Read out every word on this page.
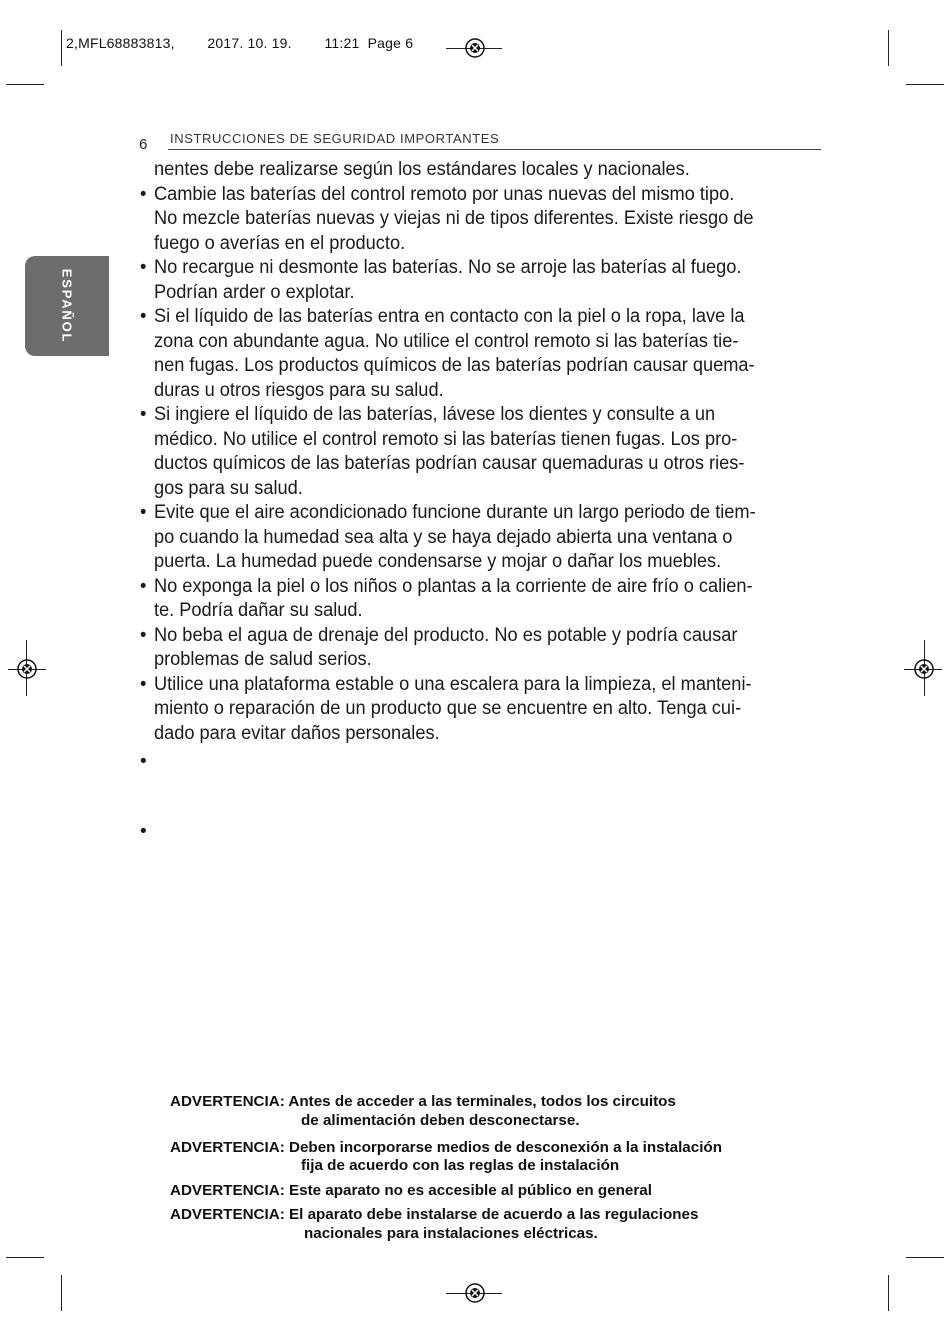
2,MFL68883813, 2017. 10. 19. 11:21 Page 6
6 INSTRUCCIONES DE SEGURIDAD IMPORTANTES
ESPAÑOL

nentes debe realizarse según los estándares locales y nacionales.

• Cambie las baterías del control remoto por unas nuevas del mismo tipo.

No mezcle baterías nuevas y viejas ni de tipos diferentes. Existe riesgo de

fuego o averías en el producto.

• No recargue ni desmonte las baterías. No se arroje las baterías al fuego.

Podrían arder o explotar.

• Si el líquido de las baterías entra en contacto con la piel o la ropa, lave la

zona con abundante agua. No utilice el control remoto si las baterías tie-

nen fugas. Los productos químicos de las baterías podrían causar quema-

duras u otros riesgos para su salud.

• Si ingiere el líquido de las baterías, lávese los dientes y consulte a un

médico. No utilice el control remoto si las baterías tienen fugas. Los pro-

ductos químicos de las baterías podrían causar quemaduras u otros ries-

gos para su salud.

• Evite que el aire acondicionado funcione durante un largo periodo de tiem-

po cuando la humedad sea alta y se haya dejado abierta una ventana o

puerta. La humedad puede condensarse y mojar o dañar los muebles.

• No exponga la piel o los niños o plantas a la corriente de aire frío o calien-

te. Podría dañar su salud.

• No beba el agua de drenaje del producto. No es potable y podría causar

problemas de salud serios.

• Utilice una plataforma estable o una escalera para la limpieza, el manteni-

miento o reparación de un producto que se encuentre en alto. Tenga cui-

dado para evitar daños personales.

•
•
ADVERTENCIA: Antes de acceder a las terminales, todos los circuitos
de alimentación deben desconectarse.
ADVERTENCIA: Deben incorporarse medios de desconexión a la instalación
fija de acuerdo con las reglas de instalación
ADVERTENCIA: Este aparato no es accesible al público en general
ADVERTENCIA: El aparato debe instalarse de acuerdo a las regulaciones
nacionales para instalaciones eléctricas.
